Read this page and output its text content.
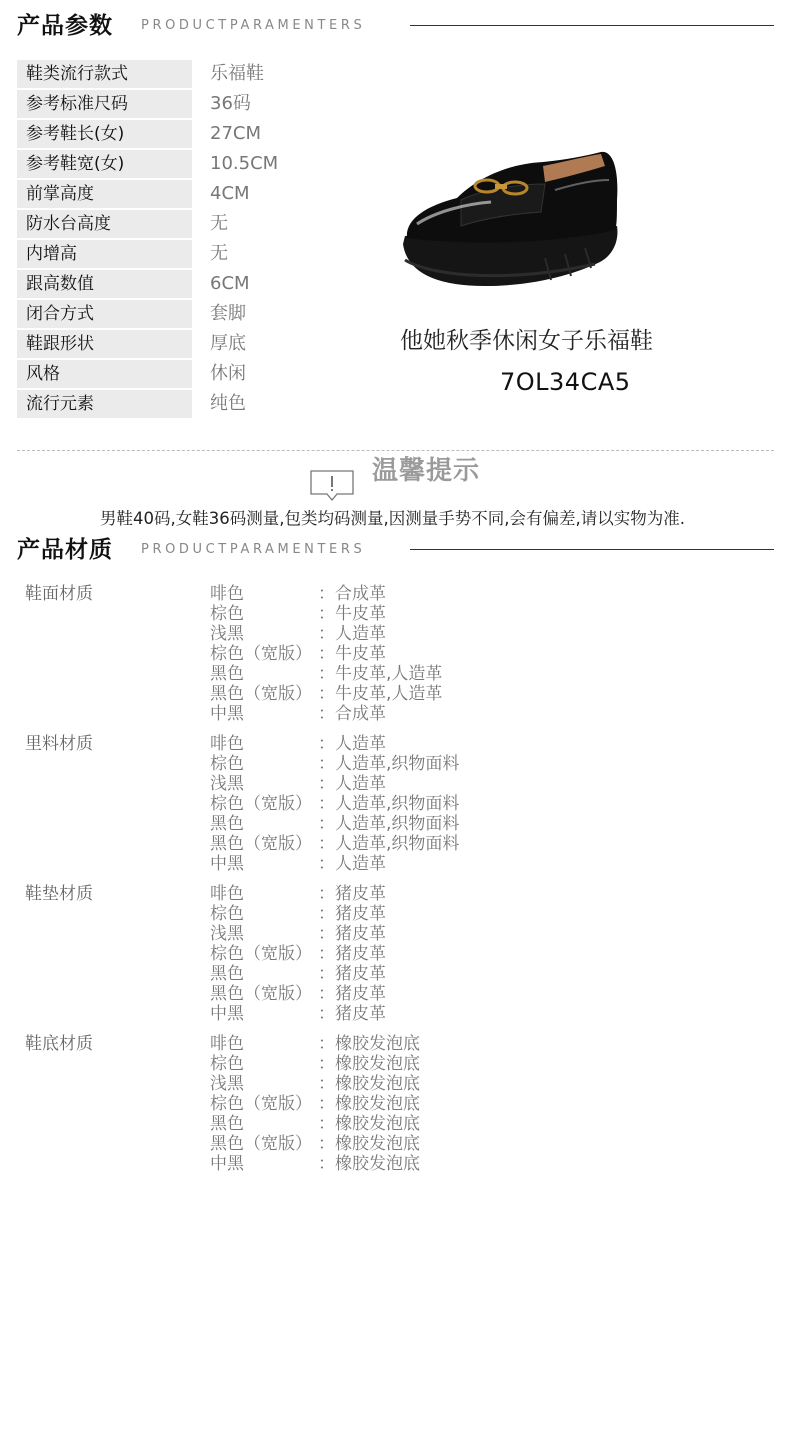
产品参数 PRODUCTPARAMENTERS
鞋类流行款式	乐福鞋
参考标准尺码	36码
参考鞋长(女)	27CM
参考鞋宽(女)	10.5CM
前掌高度	4CM
防水台高度	无
内增高	无
跟高数值	6CM
闭合方式	套脚
鞋跟形状	厚底
风格	休闲
流行元素	纯色
他她秋季休闲女子乐福鞋
7OL34CA5
温馨提示
男鞋40码,女鞋36码测量,包类均码测量,因测量手势不同,会有偏差,请以实物为准.
产品材质 PRODUCTPARAMENTERS
鞋面材质	啡色	：合成革
棕色	：牛皮革
浅黑	：人造革
棕色（宽版） ：牛皮革
黑色	：牛皮革,人造革
黑色（宽版） ：牛皮革,人造革
中黑	：合成革
里料材质	啡色	：人造革
棕色	：人造革,织物面料
浅黑	：人造革
棕色（宽版） ：人造革,织物面料
黑色	：人造革,织物面料
黑色（宽版） ：人造革,织物面料
中黑	：人造革
鞋垫材质	啡色	：猪皮革
棕色	：猪皮革
浅黑	：猪皮革
棕色（宽版） ：猪皮革
黑色	：猪皮革
黑色（宽版） ：猪皮革
中黑	：猪皮革
鞋底材质	啡色	：橡胶发泡底
棕色	：橡胶发泡底
浅黑	：橡胶发泡底
棕色（宽版） ：橡胶发泡底
黑色	：橡胶发泡底
黑色（宽版） ：橡胶发泡底
中黑	：橡胶发泡底
